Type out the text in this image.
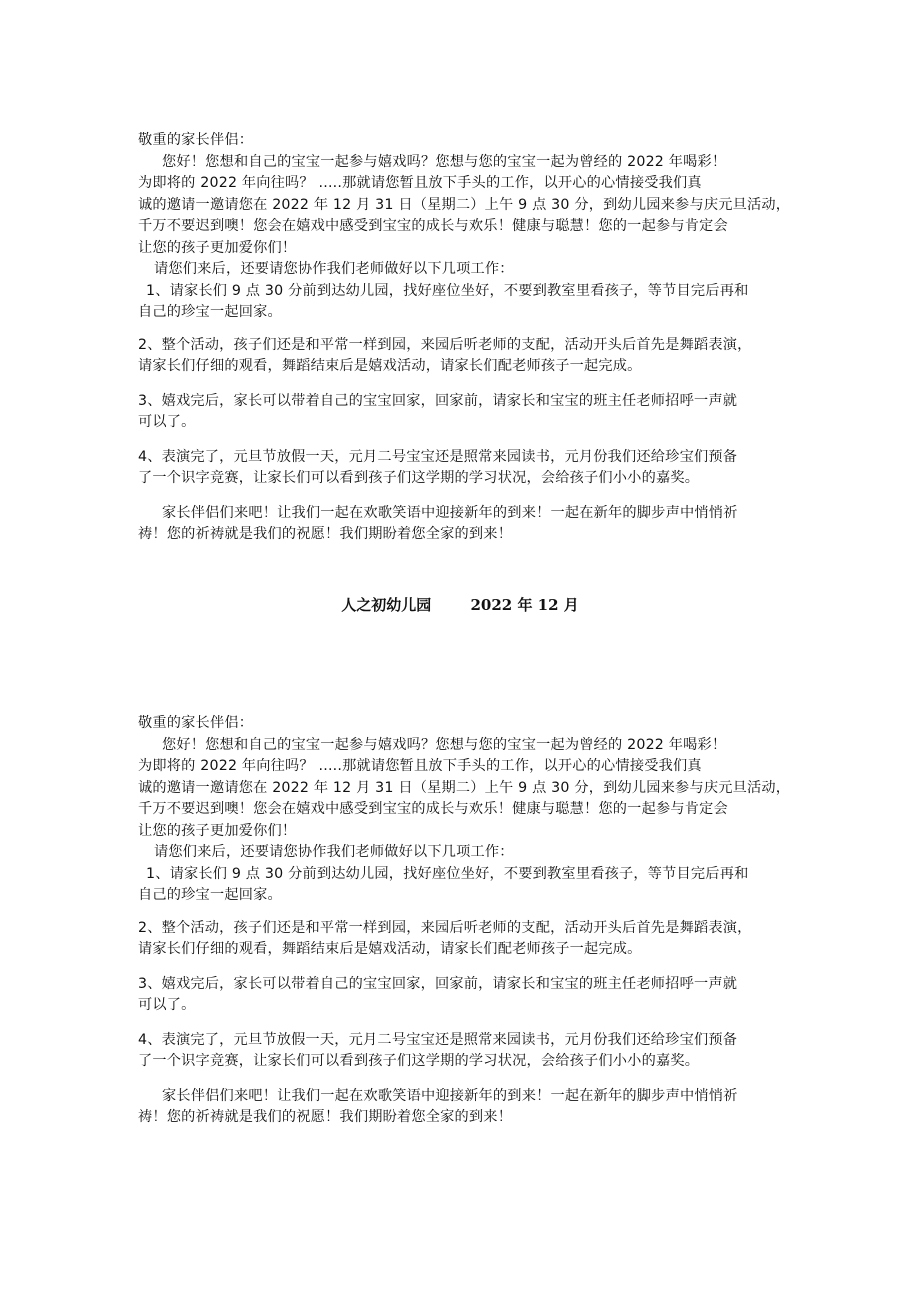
敬重的家长伴侣：
您好！您想和自己的宝宝一起参与嬉戏吗？您想与您的宝宝一起为曾经的 2022 年喝彩！
为即将的 2022 年向往吗？ .....那就请您暂且放下手头的工作，以开心的心情接受我们真
诚的邀请一邀请您在 2022 年 12 月 31 日（星期二）上午 9 点 30 分，到幼儿园来参与庆元旦活动，
千万不要迟到噢！您会在嬉戏中感受到宝宝的成长与欢乐！健康与聪慧！您的一起参与肯定会
让您的孩子更加爱你们！
请您们来后，还要请您协作我们老师做好以下几项工作：
1、请家长们 9 点 30 分前到达幼儿园，找好座位坐好，不要到教室里看孩子，等节目完后再和
自己的珍宝一起回家。
2、整个活动，孩子们还是和平常一样到园，来园后听老师的支配，活动开头后首先是舞蹈表演，
请家长们仔细的观看，舞蹈结束后是嬉戏活动，请家长们配老师孩子一起完成。
3、嬉戏完后，家长可以带着自己的宝宝回家，回家前，请家长和宝宝的班主任老师招呼一声就
可以了。
4、表演完了，元旦节放假一天，元月二号宝宝还是照常来园读书，元月份我们还给珍宝们预备
了一个识字竞赛，让家长们可以看到孩子们这学期的学习状况，会给孩子们小小的嘉奖。
家长伴侣们来吧！让我们一起在欢歌笑语中迎接新年的到来！一起在新年的脚步声中悄悄祈
祷！您的祈祷就是我们的祝愿！我们期盼着您全家的到来！
人之初幼儿园	2022 年 12 月
敬重的家长伴侣：
您好！您想和自己的宝宝一起参与嬉戏吗？您想与您的宝宝一起为曾经的 2022 年喝彩！
为即将的 2022 年向往吗？ .....那就请您暂且放下手头的工作，以开心的心情接受我们真
诚的邀请一邀请您在 2022 年 12 月 31 日（星期二）上午 9 点 30 分，到幼儿园来参与庆元旦活动，
千万不要迟到噢！您会在嬉戏中感受到宝宝的成长与欢乐！健康与聪慧！您的一起参与肯定会
让您的孩子更加爱你们！
请您们来后，还要请您协作我们老师做好以下几项工作：
1、请家长们 9 点 30 分前到达幼儿园，找好座位坐好，不要到教室里看孩子，等节目完后再和
自己的珍宝一起回家。
2、整个活动，孩子们还是和平常一样到园，来园后听老师的支配，活动开头后首先是舞蹈表演，
请家长们仔细的观看，舞蹈结束后是嬉戏活动，请家长们配老师孩子一起完成。
3、嬉戏完后，家长可以带着自己的宝宝回家，回家前，请家长和宝宝的班主任老师招呼一声就
可以了。
4、表演完了，元旦节放假一天，元月二号宝宝还是照常来园读书，元月份我们还给珍宝们预备
了一个识字竞赛，让家长们可以看到孩子们这学期的学习状况，会给孩子们小小的嘉奖。
家长伴侣们来吧！让我们一起在欢歌笑语中迎接新年的到来！一起在新年的脚步声中悄悄祈
祷！您的祈祷就是我们的祝愿！我们期盼着您全家的到来！
